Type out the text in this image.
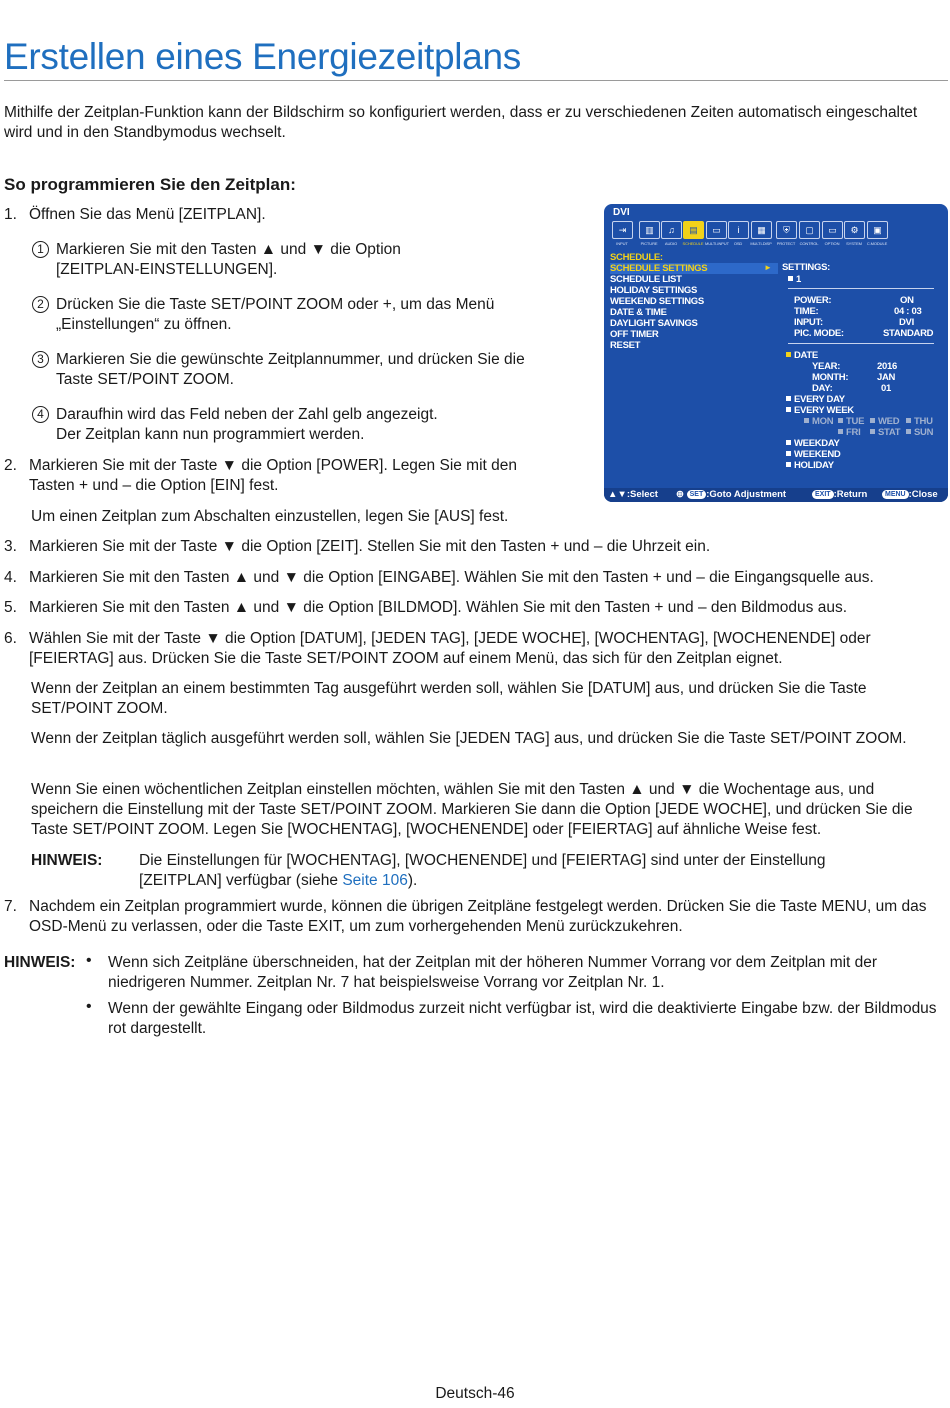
Erstellen eines Energiezeitplans
Mithilfe der Zeitplan-Funktion kann der Bildschirm so konfiguriert werden, dass er zu verschiedenen Zeiten automatisch eingeschaltet wird und in den Standbymodus wechselt.
So programmieren Sie den Zeitplan:
1. Öffnen Sie das Menü [ZEITPLAN].
1 Markieren Sie mit den Tasten ▲ und ▼ die Option
[ZEITPLAN-EINSTELLUNGEN].
2 Drücken Sie die Taste SET/POINT ZOOM oder +, um das Menü
„Einstellungen“ zu öffnen.
3 Markieren Sie die gewünschte Zeitplannummer, und drücken Sie die
Taste SET/POINT ZOOM.
4 Daraufhin wird das Feld neben der Zahl gelb angezeigt.
Der Zeitplan kann nun programmiert werden.
2. Markieren Sie mit der Taste ▼ die Option [POWER]. Legen Sie mit den
Tasten + und – die Option [EIN] fest.
Um einen Zeitplan zum Abschalten einzustellen, legen Sie [AUS] fest.
3. Markieren Sie mit der Taste ▼ die Option [ZEIT]. Stellen Sie mit den Tasten + und – die Uhrzeit ein.
4. Markieren Sie mit den Tasten ▲ und ▼ die Option [EINGABE]. Wählen Sie mit den Tasten + und – die Eingangsquelle aus.
5. Markieren Sie mit den Tasten ▲ und ▼ die Option [BILDMOD]. Wählen Sie mit den Tasten + und – den Bildmodus aus.
6. Wählen Sie mit der Taste ▼ die Option [DATUM], [JEDEN TAG], [JEDE WOCHE], [WOCHENTAG], [WOCHENENDE] oder [FEIERTAG] aus. Drücken Sie die Taste SET/POINT ZOOM auf einem Menü, das sich für den Zeitplan eignet.
Wenn der Zeitplan an einem bestimmten Tag ausgeführt werden soll, wählen Sie [DATUM] aus, und drücken Sie die Taste SET/POINT ZOOM.
Wenn der Zeitplan täglich ausgeführt werden soll, wählen Sie [JEDEN TAG] aus, und drücken Sie die Taste SET/POINT ZOOM.
Wenn Sie einen wöchentlichen Zeitplan einstellen möchten, wählen Sie mit den Tasten ▲ und ▼ die Wochentage aus, und speichern die Einstellung mit der Taste SET/POINT ZOOM. Markieren Sie dann die Option [JEDE WOCHE], und drücken Sie die Taste SET/POINT ZOOM. Legen Sie [WOCHENTAG], [WOCHENENDE] oder [FEIERTAG] auf ähnliche Weise fest.
HINWEIS: Die Einstellungen für [WOCHENTAG], [WOCHENENDE] und [FEIERTAG] sind unter der Einstellung [ZEITPLAN] verfügbar (siehe Seite 106).
7. Nachdem ein Zeitplan programmiert wurde, können die übrigen Zeitpläne festgelegt werden. Drücken Sie die Taste MENU, um das OSD-Menü zu verlassen, oder die Taste EXIT, um zum vorhergehenden Menü zurückzukehren.
HINWEIS: • Wenn sich Zeitpläne überschneiden, hat der Zeitplan mit der höheren Nummer Vorrang vor dem Zeitplan mit der niedrigeren Nummer. Zeitplan Nr. 7 hat beispielsweise Vorrang vor Zeitplan Nr. 1.
• Wenn der gewählte Eingang oder Bildmodus zurzeit nicht verfügbar ist, wird die deaktivierte Eingabe bzw. der Bildmodus rot dargestellt.
Deutsch-46
DVI
⇥
INPUT
▥
PICTURE
♫
AUDIO
▤
SCHEDULE
▭
MULTI-INPUT
i
OSD
▦
MULTI-DISP
⛨
PROTECT
▢
CONTROL
▭
OPTION
⚙
SYSTEM
▣
C.MODULE
SCHEDULE:
SCHEDULE SETTINGS	►
SCHEDULE LIST
HOLIDAY SETTINGS
WEEKEND SETTINGS
DATE & TIME
DAYLIGHT SAVINGS
OFF TIMER
RESET
SETTINGS:
1
POWER:	ON
TIME:	04 : 03
INPUT:	DVI
PIC. MODE:	STANDARD
DATE
YEAR:	2016
MONTH:	JAN
DAY:	01
EVERY DAY
EVERY WEEK
MON	TUE	WED	THU
FRI	STAT	SUN
WEEKDAY
WEEKEND
HOLIDAY
▲▼:Select ⊕ SET :Goto Adjustment	EXIT :Return	MENU :Close
